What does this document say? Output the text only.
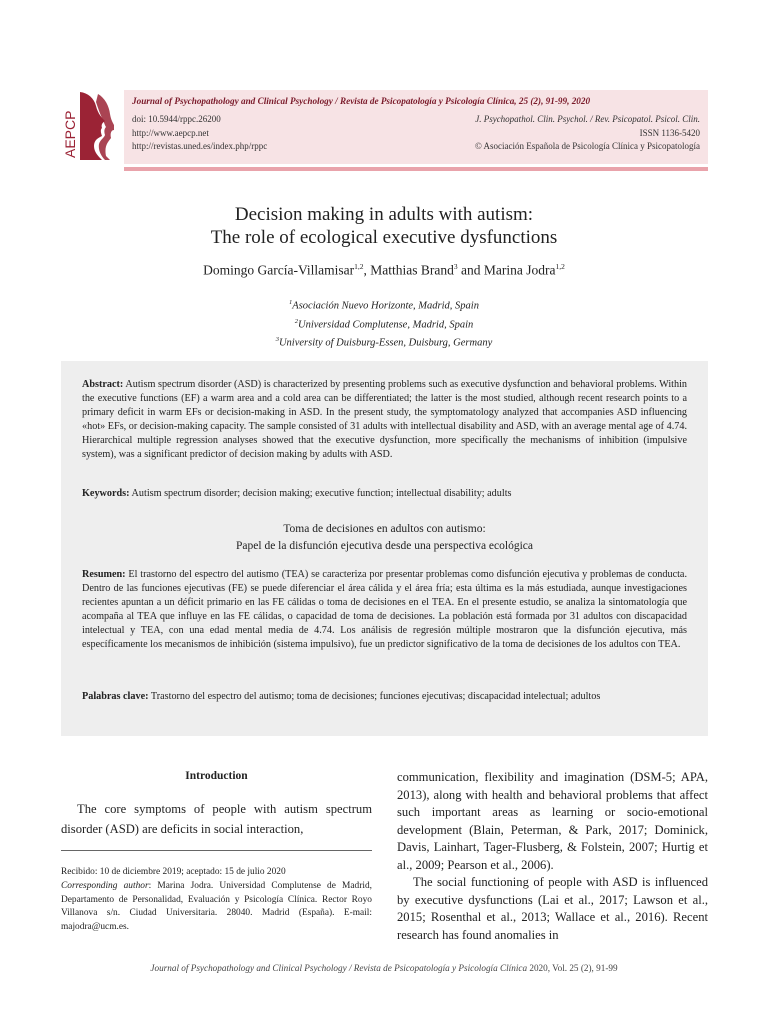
AEPCP
Journal of Psychopathology and Clinical Psychology / Revista de Psicopatología y Psicología Clínica, 25 (2), 91-99, 2020
doi: 10.5944/rppc.26200
http://www.aepcp.net
http://revistas.uned.es/index.php/rppc
J. Psychopathol. Clin. Psychol. / Rev. Psicopatol. Psicol. Clin.
ISSN 1136-5420
© Asociación Española de Psicología Clínica y Psicopatología
Decision making in adults with autism:
The role of ecological executive dysfunctions
Domingo García-Villamisar$^{1,2}$, Matthias Brand$^3$ and Marina Jodra$^{1,2}$
$^1$Asociación Nuevo Horizonte, Madrid, Spain
$^2$Universidad Complutense, Madrid, Spain
$^3$University of Duisburg-Essen, Duisburg, Germany
Abstract: Autism spectrum disorder (ASD) is characterized by presenting problems such as executive dysfunction and behavioral problems. Within the executive functions (EF) a warm area and a cold area can be differentiated; the latter is the most studied, although recent research points to a primary deficit in warm EFs or decision-making in ASD. In the present study, the symptomatology analyzed that accompanies ASD influencing «hot» EFs, or decision-making capacity. The sample consisted of 31 adults with intellectual disability and ASD, with an average mental age of 4.74. Hierarchical multiple regression analyses showed that the executive dysfunction, more specifically the mechanisms of inhibition (impulsive system), was a significant predictor of decision making by adults with ASD.
Keywords: Autism spectrum disorder; decision making; executive function; intellectual disability; adults
Toma de decisiones en adultos con autismo:
Papel de la disfunción ejecutiva desde una perspectiva ecológica
Resumen: El trastorno del espectro del autismo (TEA) se caracteriza por presentar problemas como disfunción ejecutiva y problemas de conducta. Dentro de las funciones ejecutivas (FE) se puede diferenciar el área cálida y el área fría; esta última es la más estudiada, aunque investigaciones recientes apuntan a un déficit primario en las FE cálidas o toma de decisiones en el TEA. En el presente estudio, se analiza la sintomatología que acompaña al TEA que influye en las FE cálidas, o capacidad de toma de decisiones. La población está formada por 31 adultos con discapacidad intelectual y TEA, con una edad mental media de 4.74. Los análisis de regresión múltiple mostraron que la disfunción ejecutiva, más específicamente los mecanismos de inhibición (sistema impulsivo), fue un predictor significativo de la toma de decisiones de los adultos con TEA.
Palabras clave: Trastorno del espectro del autismo; toma de decisiones; funciones ejecutivas; discapacidad intelectual; adultos
Introduction
The core symptoms of people with autism spectrum disorder (ASD) are deficits in social interaction,
Recibido: 10 de diciembre 2019; aceptado: 15 de julio 2020
Corresponding author: Marina Jodra. Universidad Complutense de Madrid, Departamento de Personalidad, Evaluación y Psicología Clínica. Rector Royo Villanova s/n. Ciudad Universitaria. 28040. Madrid (España). E-mail: majodra@ucm.es.

communication, flexibility and imagination (DSM-5; APA, 2013), along with health and behavioral problems that affect such important areas as learning or socio-emotional development (Blain, Peterman, & Park, 2017; Dominick, Davis, Lainhart, Tager-Flusberg, & Folstein, 2007; Hurtig et al., 2009; Pearson et al., 2006).

The social functioning of people with ASD is influenced by executive dysfunctions (Lai et al., 2017; Lawson et al., 2015; Rosenthal et al., 2013; Wallace et al., 2016). Recent research has found anomalies in

Journal of Psychopathology and Clinical Psychology / Revista de Psicopatología y Psicología Clínica 2020, Vol. 25 (2), 91-99
